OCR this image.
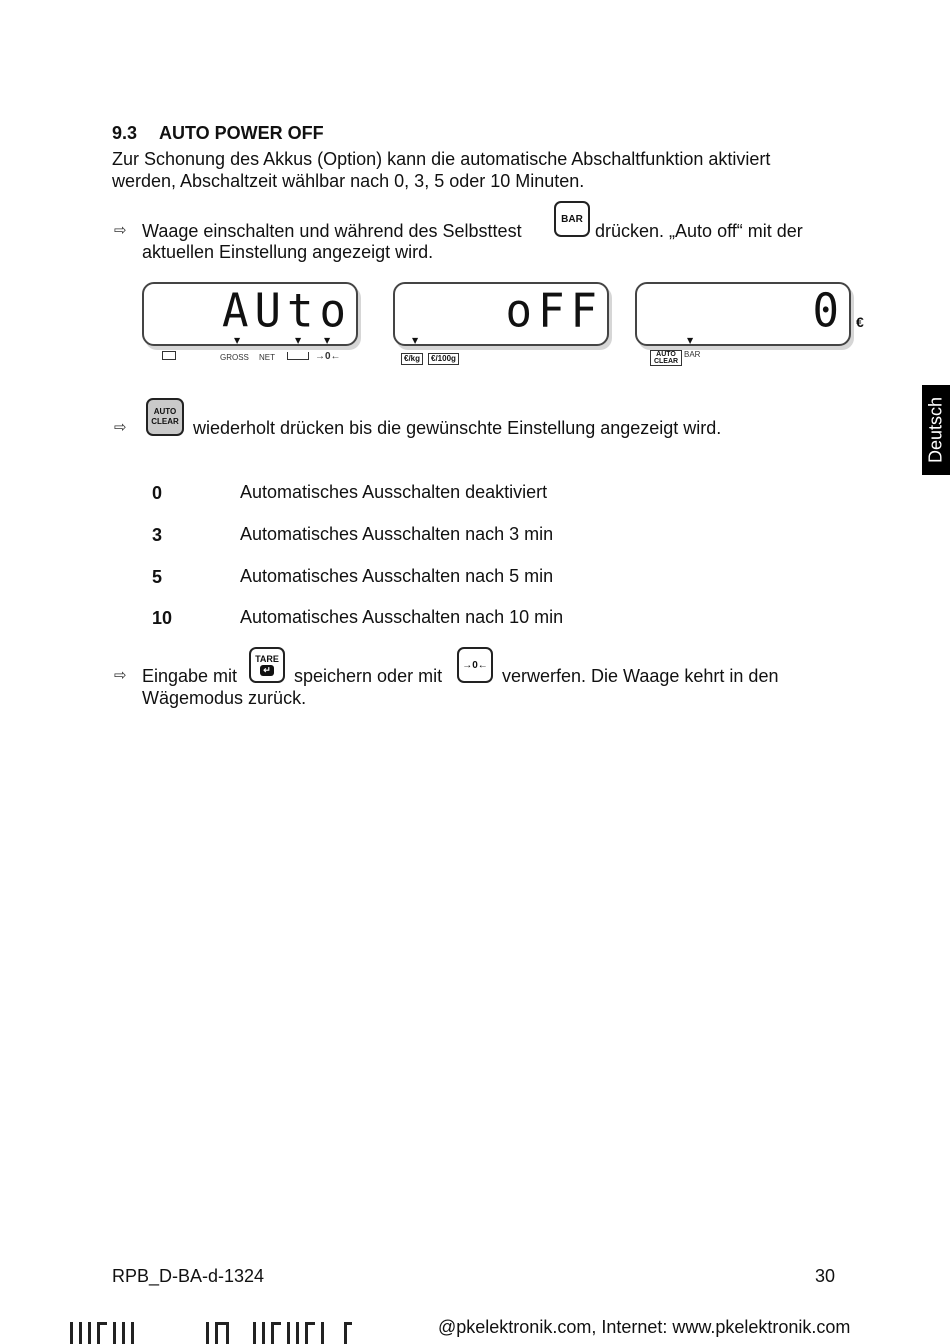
9.3 AUTO POWER OFF
Zur Schonung des Akkus (Option) kann die automatische Abschaltfunktion aktiviert
werden, Abschaltzeit wählbar nach 0, 3, 5 oder 10 Minuten.
⇨ Waage einschalten und während des Selbsttest
BAR
drücken. „Auto off“ mit der
aktuellen Einstellung angezeigt wird.
AUto
▼	▼	▼
GROSS NET	→0←
oFF
▼
€/kg	€/100g
0 €
▼
AUTO CLEAR
BAR
⇨
AUTO
CLEAR wiederholt drücken bis die gewünschte Einstellung angezeigt wird.
0	Automatisches Ausschalten deaktiviert
3	Automatisches Ausschalten nach 3 min
5	Automatisches Ausschalten nach 5 min
10	Automatisches Ausschalten nach 10 min
⇨ Eingabe mit
TARE
↵ speichern oder mit
→0←
verwerfen. Die Waage kehrt in den
Wägemodus zurück.
Deutsch
RPB_D-BA-d-1324	30
@pkelektronik.com, Internet: www.pkelektronik.com
